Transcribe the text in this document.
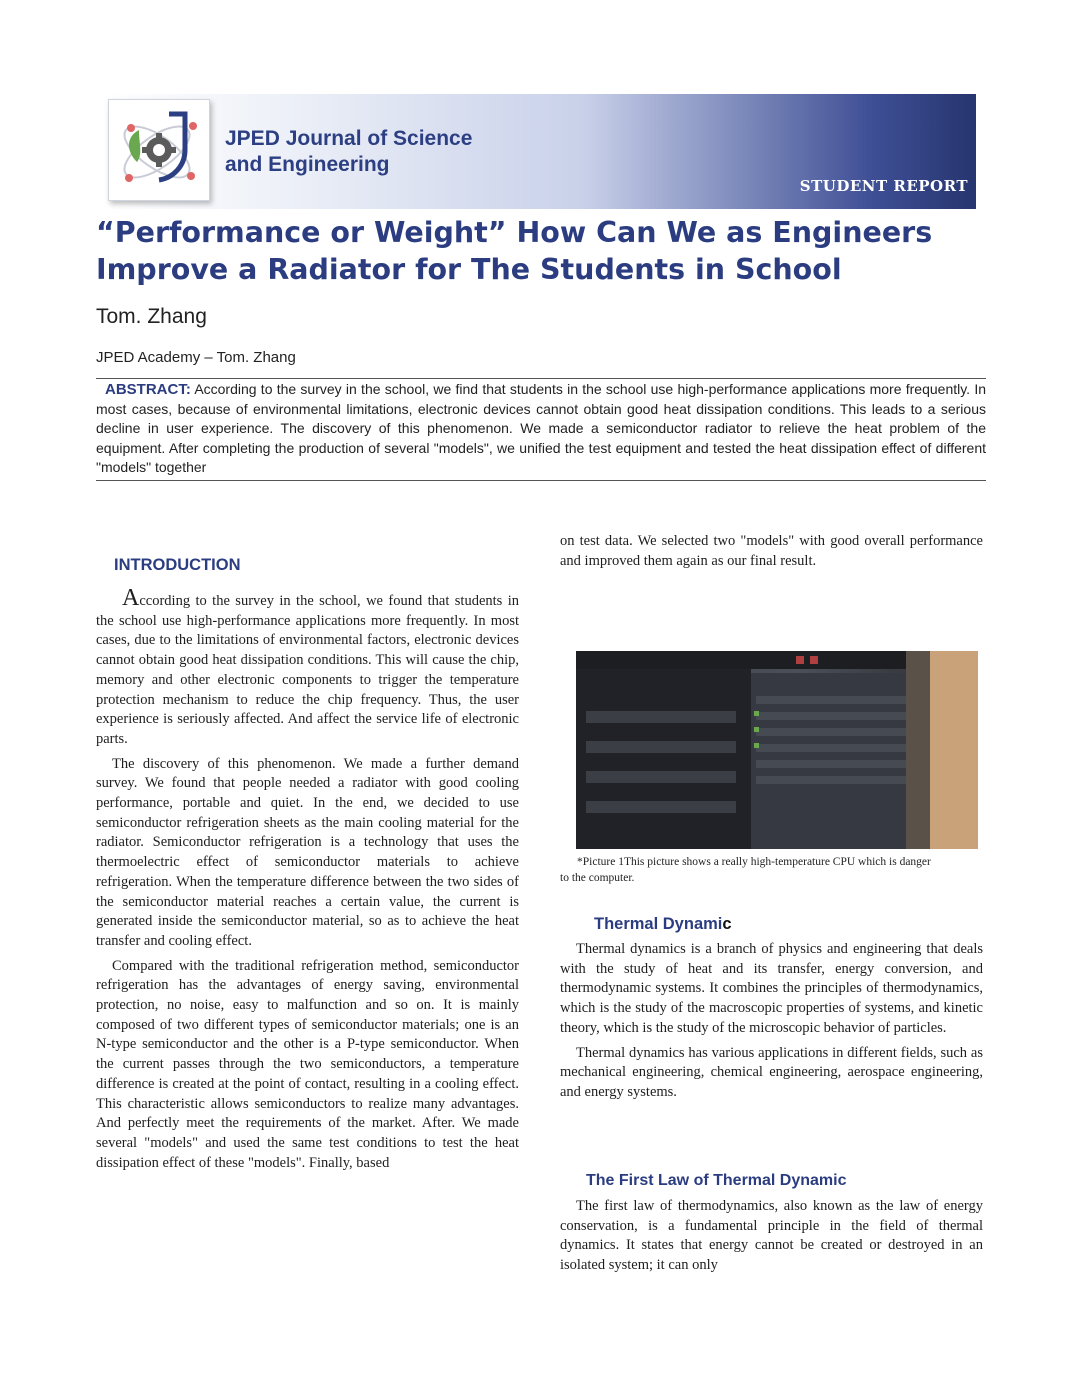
JPED Journal of Science
and Engineering
STUDENT REPORT
“Performance or Weight” How Can We as Engineers
Improve a Radiator for The Students in School
Tom. Zhang
JPED Academy – Tom. Zhang
ABSTRACT: According to the survey in the school, we find that students in the school use high-performance applications more frequently. In most cases, because of environmental limitations, electronic devices cannot obtain good heat dissipation conditions. This leads to a serious decline in user experience. The discovery of this phenomenon. We made a semiconductor radiator to relieve the heat problem of the equipment. After completing the production of several "models", we unified the test equipment and tested the heat dissipation effect of different "models" together
INTRODUCTION

According to the survey in the school, we found that students in the school use high-performance applications more frequently. In most cases, due to the limitations of environmental factors, electronic devices cannot obtain good heat dissipation conditions. This will cause the chip, memory and other electronic components to trigger the temperature protection mechanism to reduce the chip frequency. Thus, the user experience is seriously affected. And affect the service life of electronic parts.

The discovery of this phenomenon. We made a further demand survey. We found that people needed a radiator with good cooling performance, portable and quiet. In the end, we decided to use semiconductor refrigeration sheets as the main cooling material for the radiator. Semiconductor refrigeration is a technology that uses the thermoelectric effect of semiconductor materials to achieve refrigeration. When the temperature difference between the two sides of the semiconductor material reaches a certain value, the current is generated inside the semiconductor material, so as to achieve the heat transfer and cooling effect.

Compared with the traditional refrigeration method, semiconductor refrigeration has the advantages of energy saving, environmental protection, no noise, easy to malfunction and so on. It is mainly composed of two different types of semiconductor materials; one is an N-type semiconductor and the other is a P-type semiconductor. When the current passes through the two semiconductors, a temperature difference is created at the point of contact, resulting in a cooling effect. This characteristic allows semiconductors to realize many advantages. And perfectly meet the requirements of the market. After. We made several "models" and used the same test conditions to test the heat dissipation effect of these "models". Finally, based

on test data. We selected two "models" with good overall performance and improved them again as our final result.

*Picture 1This picture shows a really high-temperature CPU which is danger
to the computer.
Thermal Dynamic

Thermal dynamics is a branch of physics and engineering that deals with the study of heat and its transfer, energy conversion, and thermodynamic systems. It combines the principles of thermodynamics, which is the study of the macroscopic properties of systems, and kinetic theory, which is the study of the microscopic behavior of particles.

Thermal dynamics has various applications in different fields, such as mechanical engineering, chemical engineering, aerospace engineering, and energy systems.

The First Law of Thermal Dynamic

The first law of thermodynamics, also known as the law of energy conservation, is a fundamental principle in the field of thermal dynamics. It states that energy cannot be created or destroyed in an isolated system; it can only
